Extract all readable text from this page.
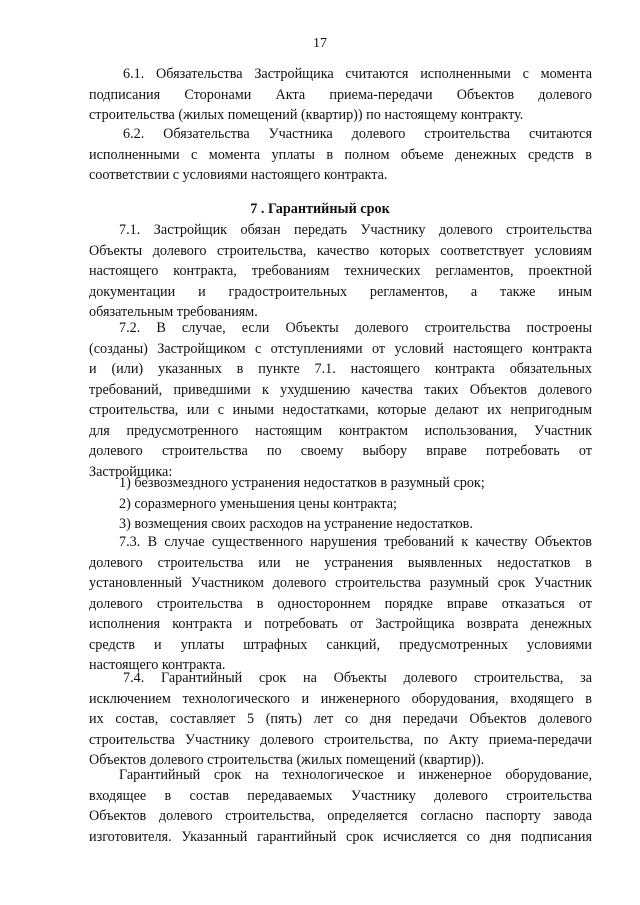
17
6.1. Обязательства Застройщика считаются исполненными с момента
подписания Сторонами Акта приема-передачи Объектов долевого
строительства (жилых помещений (квартир)) по настоящему контракту.
6.2. Обязательства Участника долевого строительства считаются
исполненными с момента уплаты в полном объеме денежных средств в
соответствии с условиями настоящего контракта.
7 . Гарантийный срок
7.1. Застройщик обязан передать Участнику долевого строительства
Объекты долевого строительства, качество которых соответствует условиям
настоящего контракта, требованиям технических регламентов, проектной
документации и градостроительных регламентов, а также иным
обязательным требованиям.
7.2. В случае, если Объекты долевого строительства построены
(созданы) Застройщиком с отступлениями от условий настоящего контракта
и (или) указанных в пункте 7.1. настоящего контракта обязательных
требований, приведшими к ухудшению качества таких Объектов долевого
строительства, или с иными недостатками, которые делают их непригодным
для предусмотренного настоящим контрактом использования, Участник
долевого строительства по своему выбору вправе потребовать от
Застройщика:
1) безвозмездного устранения недостатков в разумный срок;
2) соразмерного уменьшения цены контракта;
3) возмещения своих расходов на устранение недостатков.
7.3. В случае существенного нарушения требований к качеству Объектов
долевого строительства или не устранения выявленных недостатков в
установленный Участником долевого строительства разумный срок Участник
долевого строительства в одностороннем порядке вправе отказаться от
исполнения контракта и потребовать от Застройщика возврата денежных
средств и уплаты штрафных санкций, предусмотренных условиями
настоящего контракта.
7.4. Гарантийный срок на Объекты долевого строительства, за
исключением технологического и инженерного оборудования, входящего в
их состав, составляет 5 (пять) лет со дня передачи Объектов долевого
строительства Участнику долевого строительства, по Акту приема-передачи
Объектов долевого строительства (жилых помещений (квартир)).
Гарантийный срок на технологическое и инженерное оборудование,
входящее в состав передаваемых Участнику долевого строительства
Объектов долевого строительства, определяется согласно паспорту завода
изготовителя. Указанный гарантийный срок исчисляется со дня подписания
